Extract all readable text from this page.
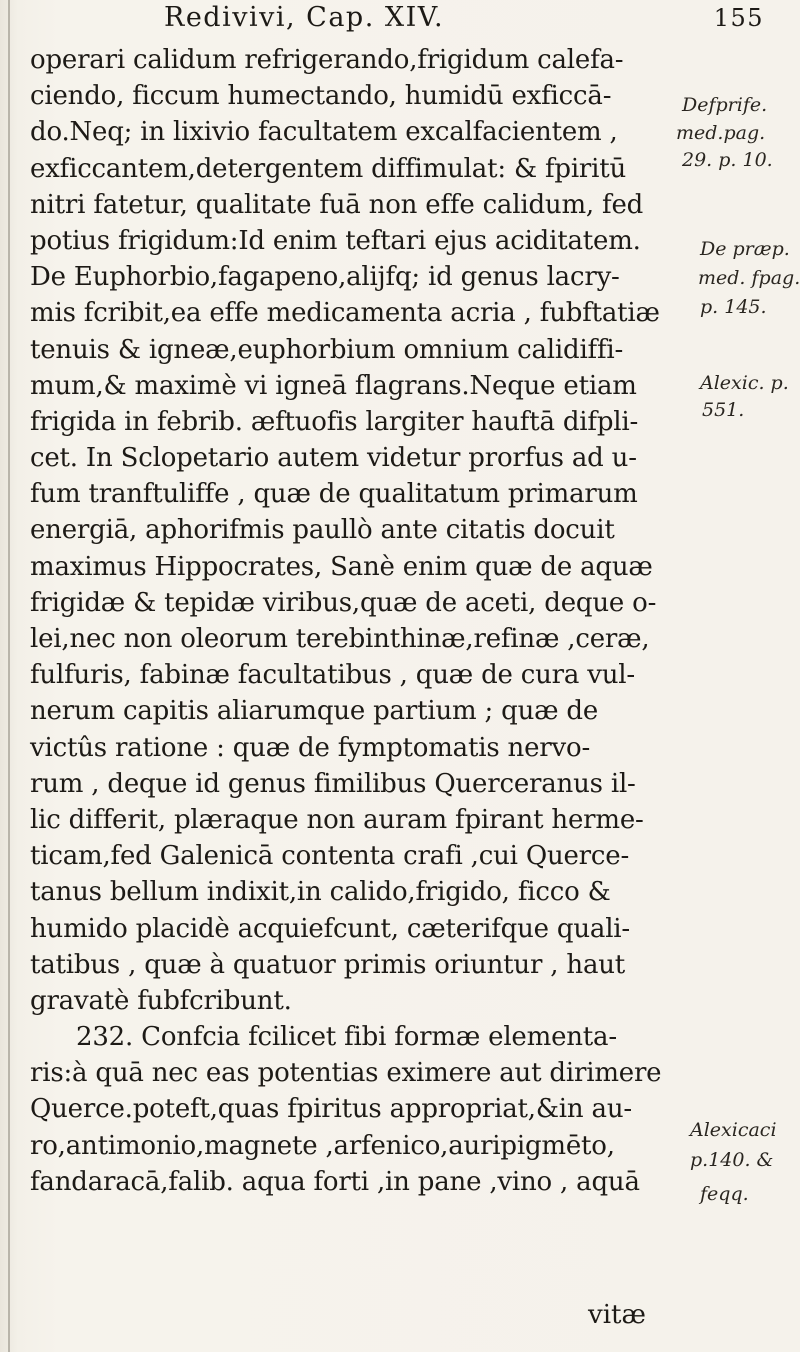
Redivivi, Cap. XIV.	155
operari calidum refrigerando,frigidum calefa-
ciendo, ficcum humectando, humidū exficcā-
do.Neq; in lixivio facultatem excalfacientem ,
exficcantem,detergentem diffimulat: & fpiritū
nitri fatetur, qualitate fuā non effe calidum, fed
potius frigidum:Id enim teftari ejus aciditatem.
De Euphorbio,fagapeno,alijfq; id genus lacry-
mis fcribit,ea effe medicamenta acria , fubftatiæ
tenuis & igneæ,euphorbium omnium calidiffi-
mum,& maximè vi igneā flagrans.Neque etiam
frigida in febrib. æftuofis largiter hauftā difpli-
cet. In Sclopetario autem videtur prorfus ad u-
fum tranftuliffe , quæ de qualitatum primarum
energiā, aphorifmis paullò ante citatis docuit
maximus Hippocrates, Sanè enim quæ de aquæ
frigidæ & tepidæ viribus,quæ de aceti, deque o-
lei,nec non oleorum terebinthinæ,refinæ ,ceræ,
fulfuris, fabinæ facultatibus , quæ de cura vul-
nerum capitis aliarumque partium ; quæ de
victûs ratione : quæ de fymptomatis nervo-
rum , deque id genus fimilibus Querceranus il-
lic differit, plæraque non auram fpirant herme-
ticam,fed Galenicā contenta crafi ,cui Querce-
tanus bellum indixit,in calido,frigido, ficco &
humido placidè acquiefcunt, cæterifque quali-
tatibus , quæ à quatuor primis oriuntur , haut
gravatè fubfcribunt.
232. Confcia fcilicet fibi formæ elementa-
ris:à quā nec eas potentias eximere aut dirimere
Querce.poteft,quas fpiritus appropriat,&in au-
ro,antimonio,magnete ,arfenico,auripigmēto,
fandaracā,falib. aqua forti ,in pane ,vino , aquā
vitæ
Defprife.
med.pag.
29. p. 10.
De præp.
med. fpag.
p. 145.
Alexic. p.
551.
Alexicaci
p.140. &
feqq.
